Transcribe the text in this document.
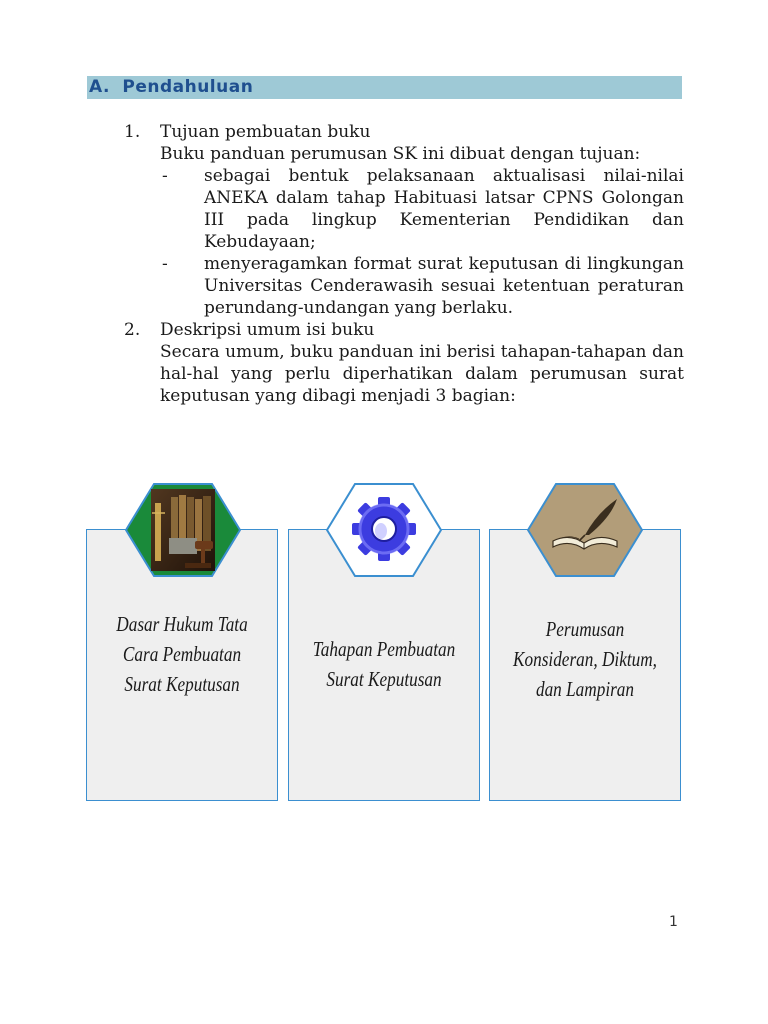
A. Pendahuluan
1. Tujuan pembuatan buku
Buku panduan perumusan SK ini dibuat dengan tujuan:
- sebagai bentuk pelaksanaan aktualisasi nilai-nilai ANEKA dalam tahap Habituasi latsar CPNS Golongan III pada lingkup Kementerian Pendidikan dan Kebudayaan;
- menyeragamkan format surat keputusan di lingkungan Universitas Cenderawasih sesuai ketentuan peraturan perundang-undangan yang berlaku.
2. Deskripsi umum isi buku
Secara umum, buku panduan ini berisi tahapan-tahapan dan hal-hal yang perlu diperhatikan dalam perumusan surat keputusan yang dibagi menjadi 3 bagian:
Dasar Hukum Tata
Cara Pembuatan
Surat Keputusan
Tahapan Pembuatan
Surat Keputusan
Perumusan
Konsideran, Diktum,
dan Lampiran
1
